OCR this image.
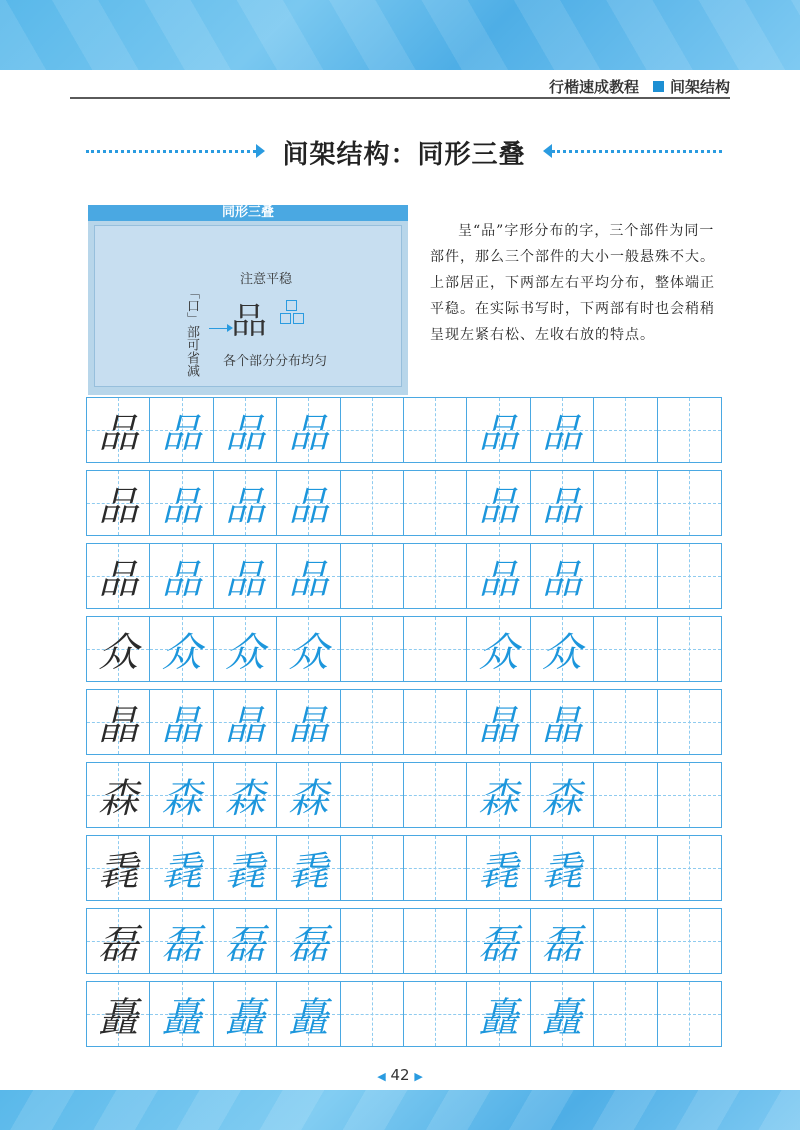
行楷速成教程 间架结构
间架结构：同形三叠
同形三叠
「口」部可省减
注意平稳
品
各个部分分布均匀
呈“品”字形分布的字，三个部件为同一部件，那么三个部件的大小一般悬殊不大。上部居正，下两部左右平均分布，整体端正平稳。在实际书写时，下两部有时也会稍稍呈现左紧右松、左收右放的特点。
品 品 品 品	品 品
品 品 品 品	品 品
品 品 品 品	品 品
众 众 众 众	众 众
晶 晶 晶 晶	晶 晶
森 森 森 森	森 森
毳 毳 毳 毳	毳 毳
磊 磊 磊 磊	磊 磊
矗 矗 矗 矗	矗 矗
◀ 42 ▶
